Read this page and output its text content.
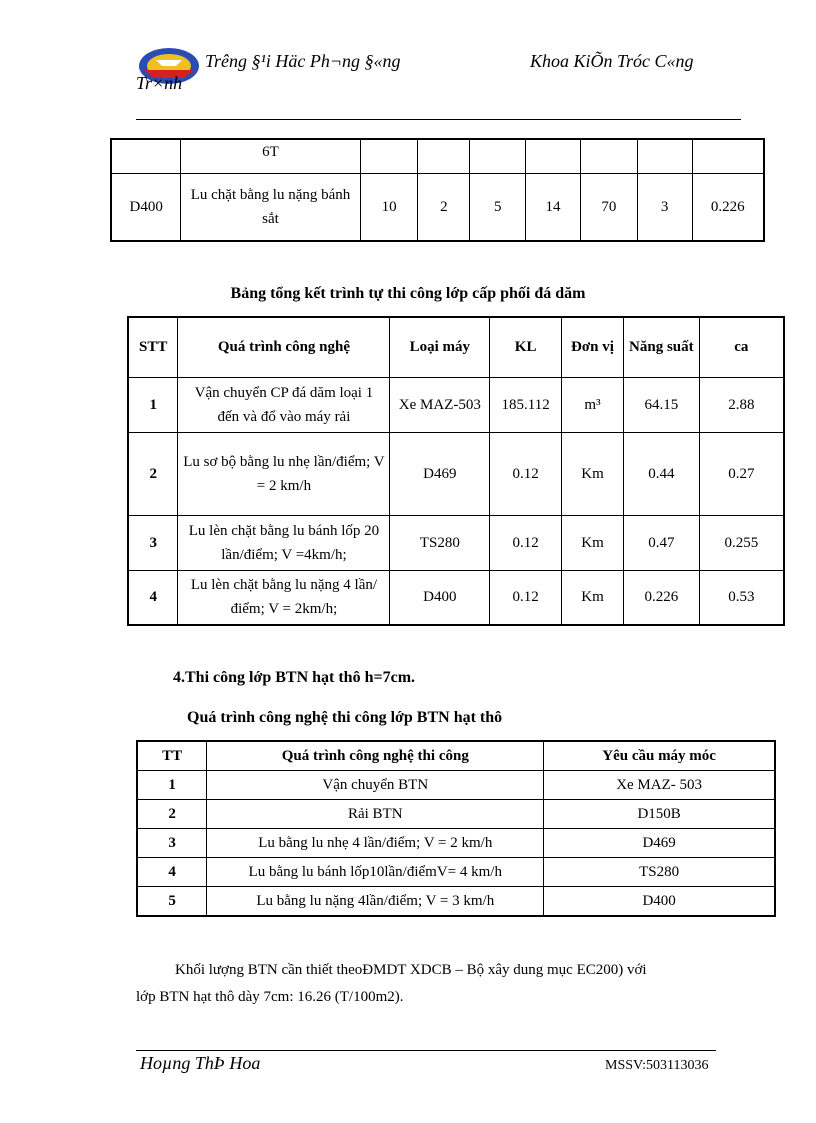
Trêng §¹i Häc Ph¬ng §«ng
Tr×nh
Khoa KiÕn Tróc C«ng
	6T							
D400	Lu chặt bằng lu nặng bánh sắt	10	2	5	14	70	3	0.226
Bảng tổng kết trình tự thi công lớp cấp phối đá dăm
STT	Quá trình công nghệ	Loại máy	KL	Đơn vị	Năng suất	ca
1	Vận chuyển CP đá dăm loại 1 đến và đổ vào máy rải	Xe MAZ-503	185.112	m³	64.15	2.88
2	Lu sơ bộ bằng lu nhẹ lần/điểm; V = 2 km/h	D469	0.12	Km	0.44	0.27
3	Lu lèn chặt bằng lu bánh lốp 20 lần/điểm; V =4km/h;	TS280	0.12	Km	0.47	0.255
4	Lu lèn chặt bằng lu nặng 4 lần/điểm; V = 2km/h;	D400	0.12	Km	0.226	0.53
4.Thi công lớp BTN hạt thô h=7cm.
Quá trình công nghệ thi công lớp BTN hạt thô
TT	Quá trình công nghệ thi công	Yêu cầu máy móc
1	Vận chuyển BTN	Xe MAZ- 503
2	Rải BTN	D150B
3	Lu bằng lu nhẹ 4 lần/điểm; V = 2 km/h	D469
4	Lu bằng lu bánh lốp10lần/điểmV= 4 km/h	TS280
5	Lu bằng lu nặng 4lần/điểm; V = 3 km/h	D400
Khối lượng BTN cần thiết theoĐMDT XDCB – Bộ xây dung mục EC200) với
lớp BTN hạt thô dày 7cm: 16.26 (T/100m2).
Hoµng ThÞ Hoa	MSSV:503113036
